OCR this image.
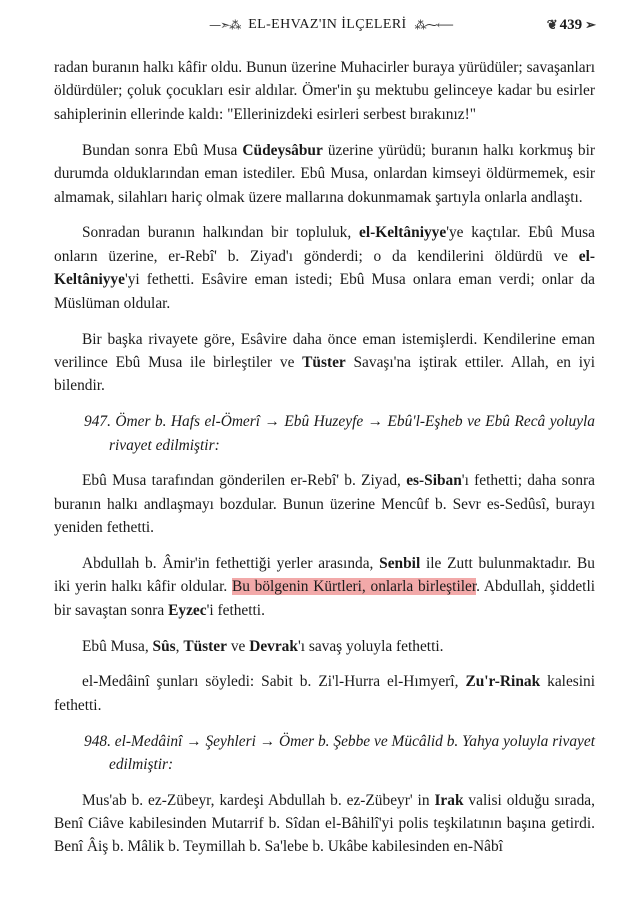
—➣⁂ EL-EHVAZ'IN İLÇELERİ ⁂⁓⟵	❦ 439 ➢

radan buranın halkı kâfir oldu. Bunun üzerine Muhacirler buraya yürüdüler; savaşanları öldürdüler; çoluk çocukları esir aldılar. Ömer'in şu mektubu gelinceye kadar bu esirler sahiplerinin ellerinde kaldı: "Ellerinizdeki esirleri serbest bırakınız!"

Bundan sonra Ebû Musa Cüdeysâbur üzerine yürüdü; buranın halkı korkmuş bir durumda olduklarından eman istediler. Ebû Musa, onlardan kimseyi öldürmemek, esir almamak, silahları hariç olmak üzere mallarına dokunmamak şartıyla onlarla andlaştı.

Sonradan buranın halkından bir topluluk, el-Keltâniyye'ye kaçtılar. Ebû Musa onların üzerine, er-Rebî' b. Ziyad'ı gönderdi; o da kendilerini öldürdü ve el-Keltâniyye'yi fethetti. Esâvire eman istedi; Ebû Musa onlara eman verdi; onlar da Müslüman oldular.

Bir başka rivayete göre, Esâvire daha önce eman istemişlerdi. Kendilerine eman verilince Ebû Musa ile birleştiler ve Tüster Savaşı'na iştirak ettiler. Allah, en iyi bilendir.

947. Ömer b. Hafs el-Ömerî → Ebû Huzeyfe → Ebû'l-Eşheb ve Ebû Recâ yoluyla rivayet edilmiştir:

Ebû Musa tarafından gönderilen er-Rebî' b. Ziyad, es-Siban'ı fethetti; daha sonra buranın halkı andlaşmayı bozdular. Bunun üzerine Mencûf b. Sevr es-Sedûsî, burayı yeniden fethetti.

Abdullah b. Âmir'in fethettiği yerler arasında, Senbil ile Zutt bulunmaktadır. Bu iki yerin halkı kâfir oldular. Bu bölgenin Kürtleri, onlarla birleştiler. Abdullah, şiddetli bir savaştan sonra Eyzec'i fethetti.

Ebû Musa, Sûs, Tüster ve Devrak'ı savaş yoluyla fethetti.

el-Medâinî şunları söyledi: Sabit b. Zi'l-Hurra el-Hımyerî, Zu'r-Rinak kalesini fethetti.

948. el-Medâinî → Şeyhleri → Ömer b. Şebbe ve Mücâlid b. Yahya yoluyla rivayet edilmiştir:

Mus'ab b. ez-Zübeyr, kardeşi Abdullah b. ez-Zübeyr' in Irak valisi olduğu sırada, Benî Ciâve kabilesinden Mutarrif b. Sîdan el-Bâhilî'yi polis teşkilatının başına getirdi. Benî Âiş b. Mâlik b. Teymillah b. Sa'lebe b. Ukâbe kabilesinden en-Nâbî
